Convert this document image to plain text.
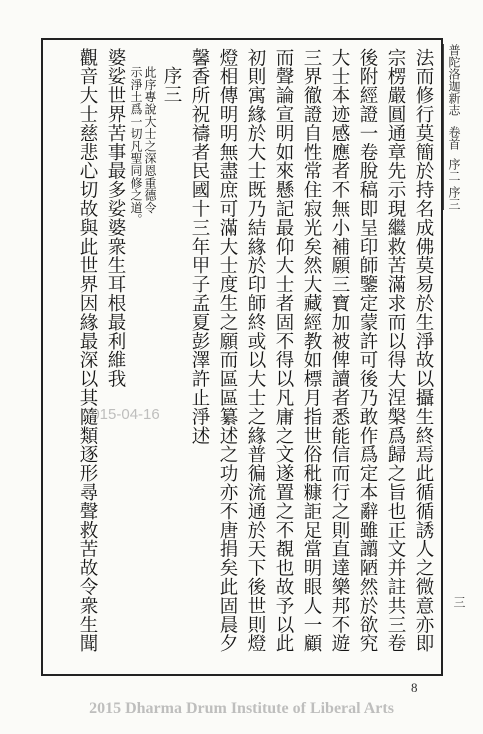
普陀洛迦新志
卷首
序二 序三
三
法而修行莫簡於持名成佛莫易於生淨故以攝生終焉此循循誘人之微意亦即
宗楞嚴圓通章先示現繼救苦滿求而以得大涅槃爲歸之旨也正文并註共三卷
後附經證一卷脫稿即呈印師鑒定蒙許可後乃敢作爲定本辭雖譾陋然於欲究
大士本迹感應者不無小補願三寶加被俾讀者悉能信而行之則直達樂邦不遊
三界徹證自性常住寂光矣然大藏經教如標月指世俗秕糠詎足當明眼人一顧
而聲論宣明如來懸記最仰大士者固不得以凡庸之文遂置之不覩也故予以此
初則寓緣於大士既乃結緣於印師終或以大士之緣普徧流通於天下後世則燈
燈相傳明明無盡庶可滿大士度生之願而區區纂述之功亦不唐捐矣此固晨夕
馨香所祝禱者民國十三年甲子孟夏彭澤許止淨述
序三
此序專說大士之深恩重德令
示淨土爲一切凡聖同修之道。
婆娑世界苦事最多娑婆衆生耳根最利維我
觀音大士慈悲心切故與此世界因緣最深以其隨類逐形尋聲救苦故令衆生聞
2015-04-16
8
2015 Dharma Drum Institute of Liberal Arts
